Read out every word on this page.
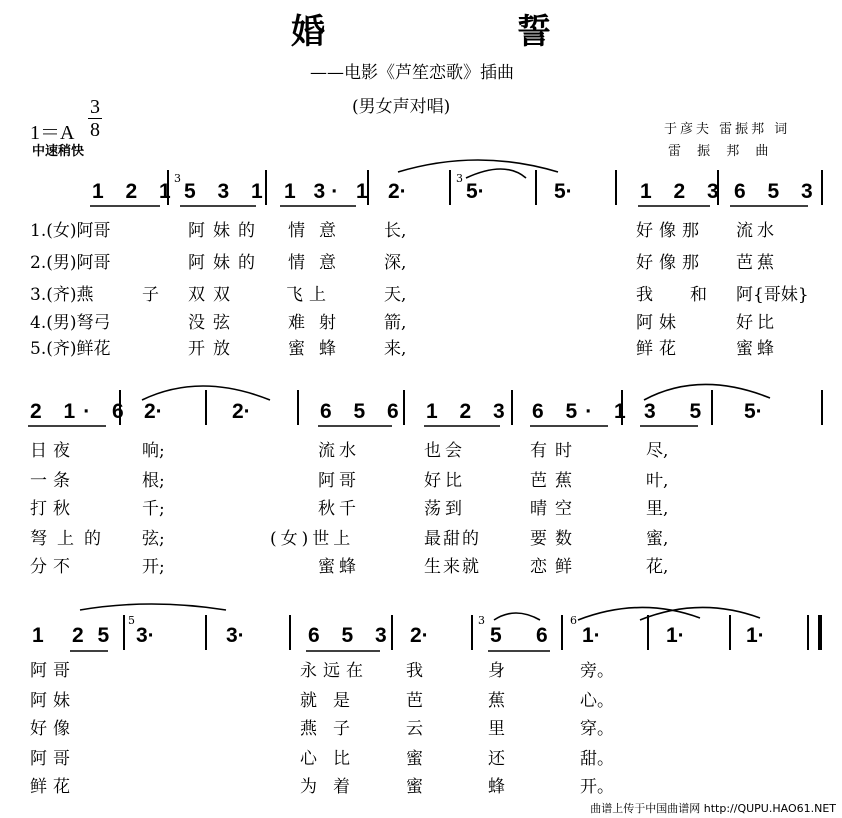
婚 誓
——电影《芦笙恋歌》插曲
(男女声对唱)
1＝A
3
8
中速稍快
于彦夫 雷振邦 词
雷 振 邦 曲
1 2 1
3
5 3 1 1 3· 1 2·
3
5·	5·	1 2 3 6 5 3
1.(女)阿哥	阿妹的 情意 长,	好像那 流水
2.(男)阿哥	阿妹的 情意 深,	好像那 芭蕉
3.(齐)燕	子 双双	飞上	天,	我 和 阿{哥妹}
4.(男)弩弓	没弦	难射 箭,	阿妹	好比
5.(齐)鲜花	开放	蜜蜂 来,	鲜花	蜜蜂
2 1· 6 2·	2·	6 5 6 1 2 3 6 5· 1 3 5 5·
日夜	响;	流水	也会	有时	尽,
一条	根;	阿哥	好比	芭蕉	叶,
打秋	千;	秋千	荡到	晴空	里,
弩上的 弦;	(女)世上	最甜的	要数	蜜,
分不	开;	蜜蜂	生来就	恋鲜	花,
1 2 5
5
3·	3·	6 5 3 2·
3
5 6
6
1·	1·	1·
阿哥	永远在 我	身	旁。
阿妹	就是 芭	蕉	心。
好像	燕子 云	里	穿。
阿哥	心比 蜜	还	甜。
鲜花	为着 蜜	蜂	开。
曲谱上传于中国曲谱网 http://QUPU.HAO61.NET
